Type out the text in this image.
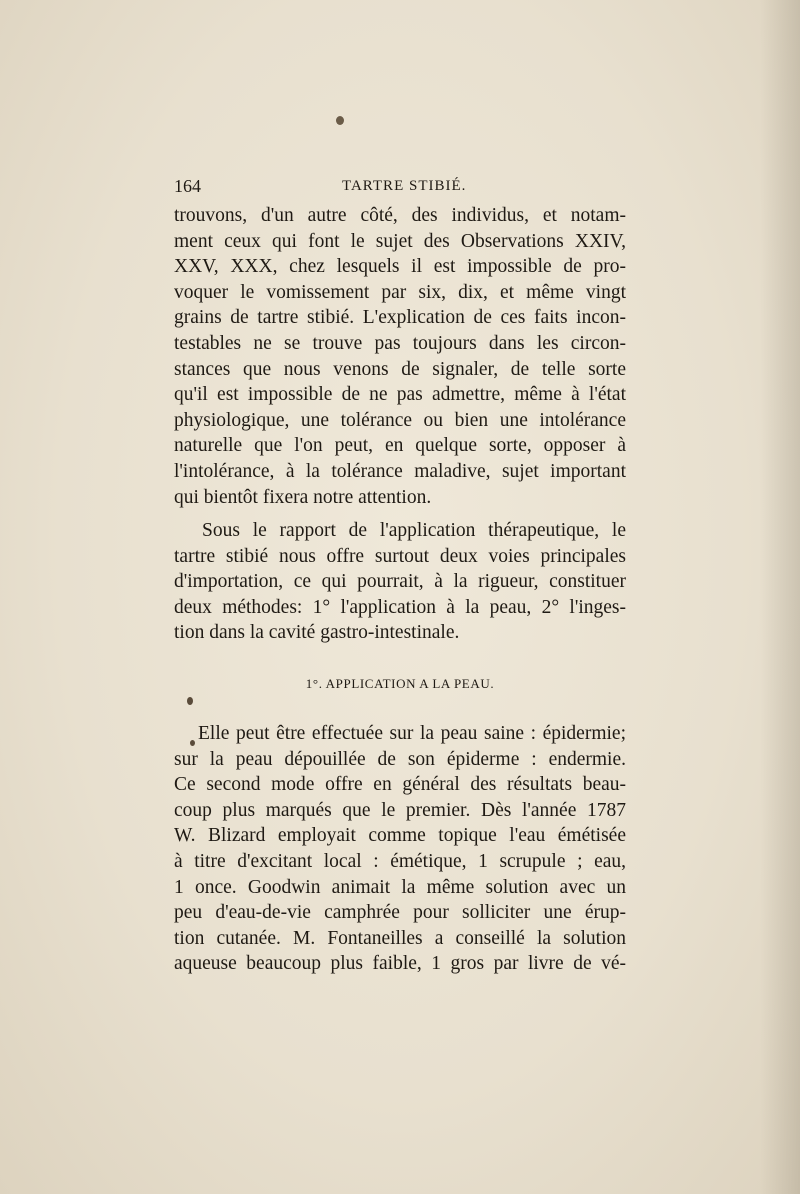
164	TARTRE STIBIÉ.
trouvons, d'un autre côté, des individus, et notam-
ment ceux qui font le sujet des Observations XXIV,
XXV, XXX, chez lesquels il est impossible de pro-
voquer le vomissement par six, dix, et même vingt
grains de tartre stibié. L'explication de ces faits incon-
testables ne se trouve pas toujours dans les circon-
stances que nous venons de signaler, de telle sorte
qu'il est impossible de ne pas admettre, même à l'état
physiologique, une tolérance ou bien une intolérance
naturelle que l'on peut, en quelque sorte, opposer à
l'intolérance, à la tolérance maladive, sujet important
qui bientôt fixera notre attention.
Sous le rapport de l'application thérapeutique, le
tartre stibié nous offre surtout deux voies principales
d'importation, ce qui pourrait, à la rigueur, constituer
deux méthodes: 1° l'application à la peau, 2° l'inges-
tion dans la cavité gastro-intestinale.
1°. APPLICATION A LA PEAU.
Elle peut être effectuée sur la peau saine : épidermie;
sur la peau dépouillée de son épiderme : endermie.
Ce second mode offre en général des résultats beau-
coup plus marqués que le premier. Dès l'année 1787
W. Blizard employait comme topique l'eau émétisée
à titre d'excitant local : émétique, 1 scrupule ; eau,
1 once. Goodwin animait la même solution avec un
peu d'eau-de-vie camphrée pour solliciter une érup-
tion cutanée. M. Fontaneilles a conseillé la solution
aqueuse beaucoup plus faible, 1 gros par livre de vé-
